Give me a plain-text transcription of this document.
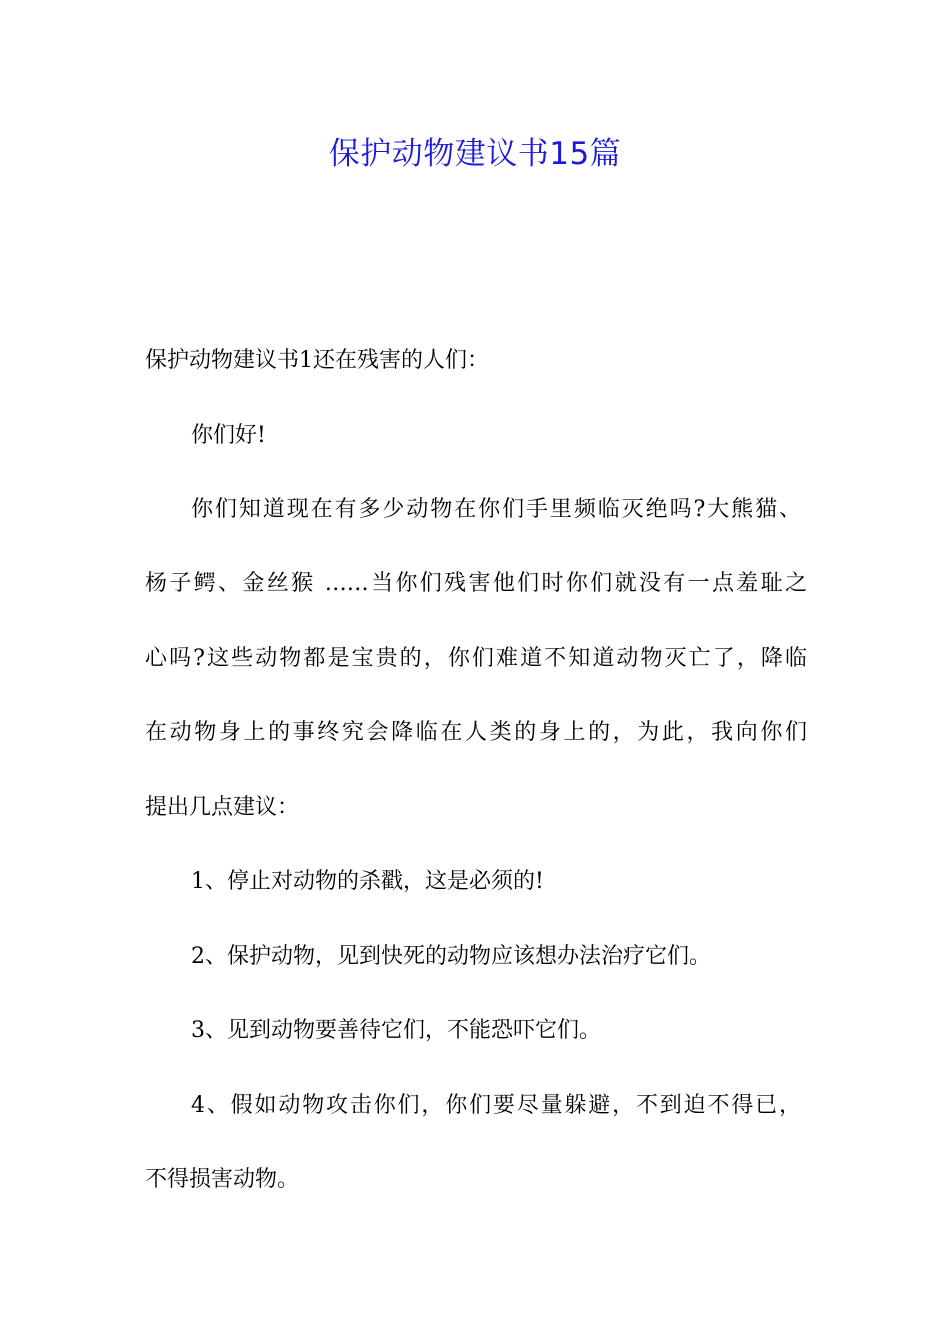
保护动物建议书15篇

保护动物建议书1还在残害的人们：

你们好!

你们知道现在有多少动物在你们手里频临灭绝吗?大熊猫、

杨子鳄、金丝猴 ……当你们残害他们时你们就没有一点羞耻之

心吗?这些动物都是宝贵的，你们难道不知道动物灭亡了，降临

在动物身上的事终究会降临在人类的身上的，为此，我向你们

提出几点建议：

1、停止对动物的杀戳，这是必须的!

2、保护动物，见到快死的动物应该想办法治疗它们。

3、见到动物要善待它们，不能恐吓它们。

4、假如动物攻击你们，你们要尽量躲避，不到迫不得已，

不得损害动物。
